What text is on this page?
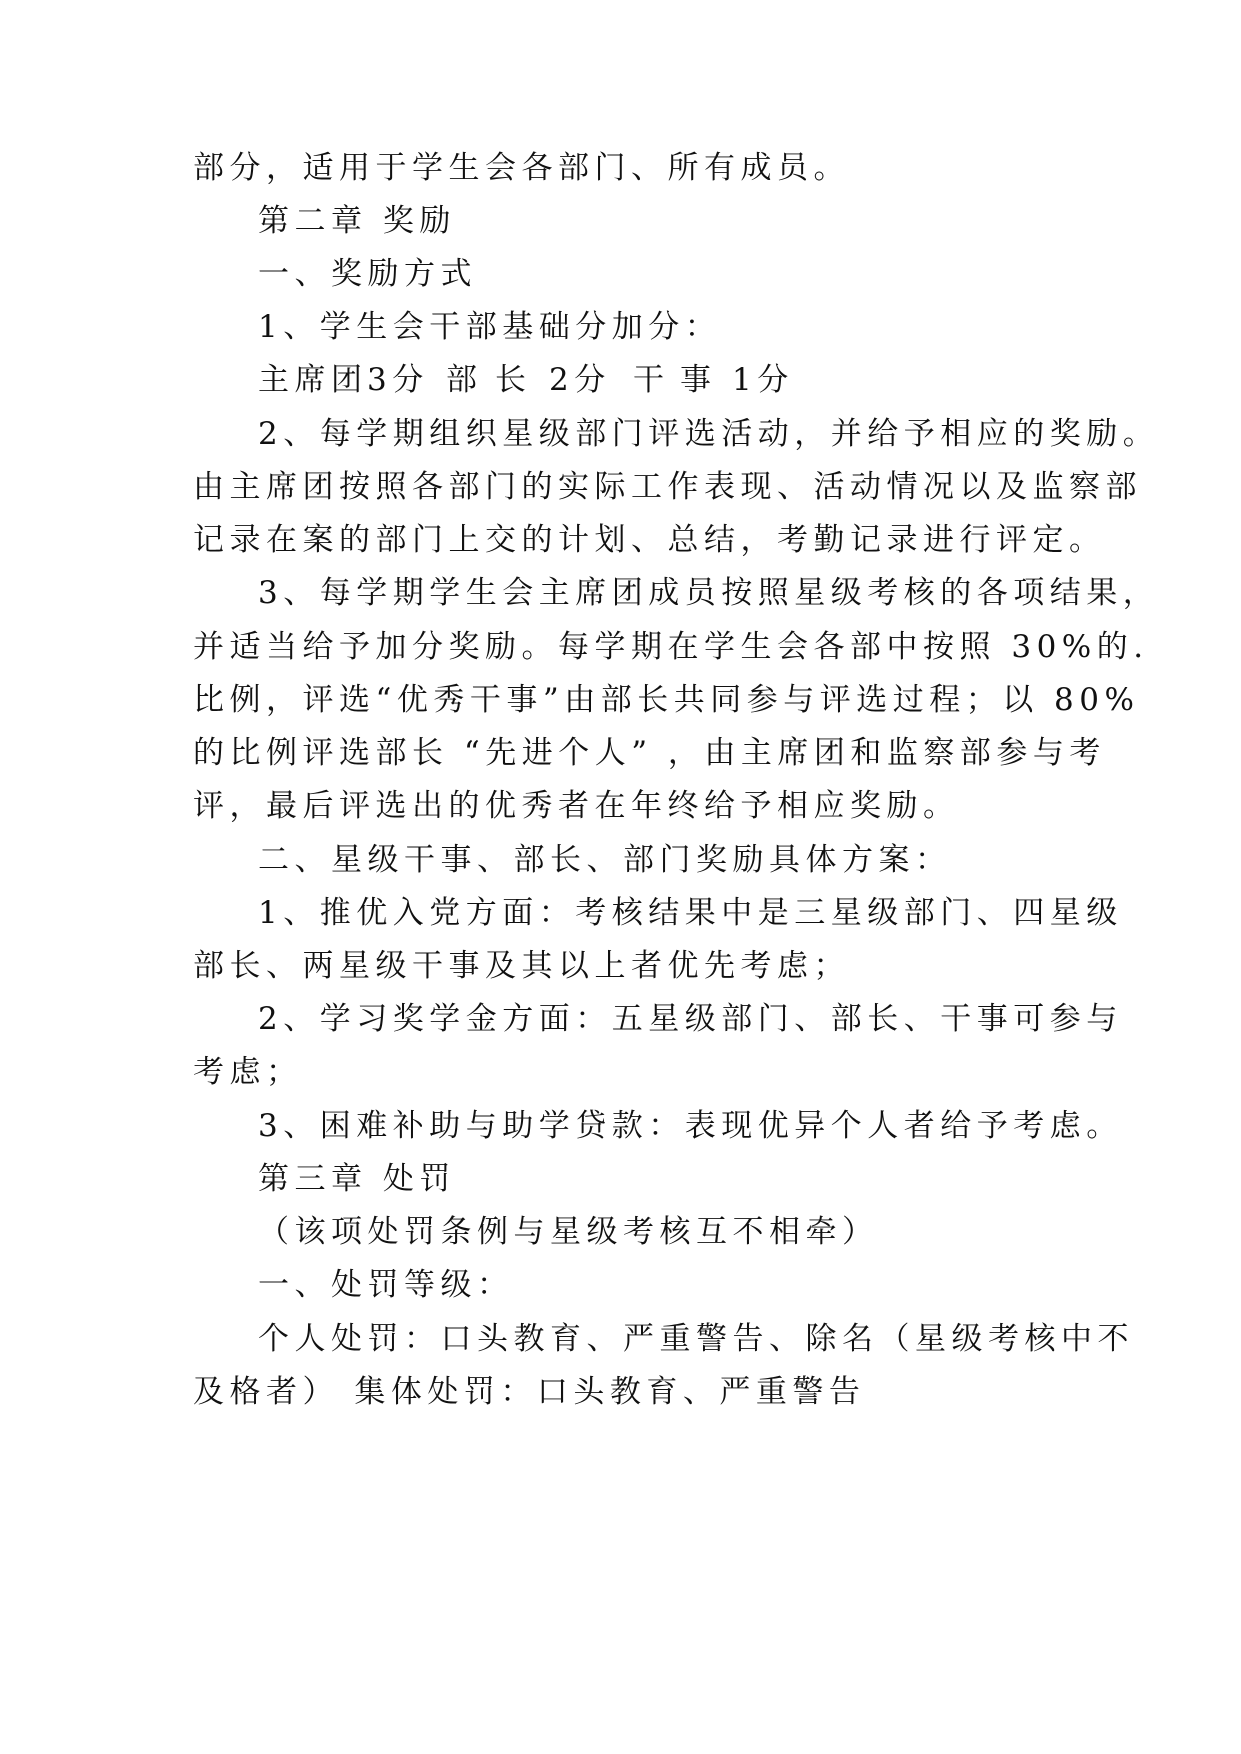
部分，适用于学生会各部门、所有成员。
第二章 奖励
一、奖励方式
1、学生会干部基础分加分：
主席团 3分 部 长 2分 干 事 1分
2、每学期组织星级部门评选活动，并给予相应的奖励。
由主席团按照各部门的实际工作表现、活动情况以及监察部
记录在案的部门上交的计划、总结，考勤记录进行评定。
3、每学期学生会主席团成员按照星级考核的各项结果，
并适当给予加分奖励。每学期在学生会各部中按照 30%的.
比例，评选“优秀干事”由部长共同参与评选过程；以 80%
的比例评选部长 “先进个人” ，由主席团和监察部参与考
评，最后评选出的优秀者在年终给予相应奖励。
二、星级干事、部长、部门奖励具体方案：
1、推优入党方面：考核结果中是三星级部门、四星级
部长、两星级干事及其以上者优先考虑；
2、学习奖学金方面：五星级部门、部长、干事可参与
考虑；
3、困难补助与助学贷款：表现优异个人者给予考虑。
第三章 处罚
（该项处罚条例与星级考核互不相牵）
一、处罚等级：
个人处罚：口头教育、严重警告、除名（星级考核中不
及格者） 集体处罚：口头教育、严重警告
